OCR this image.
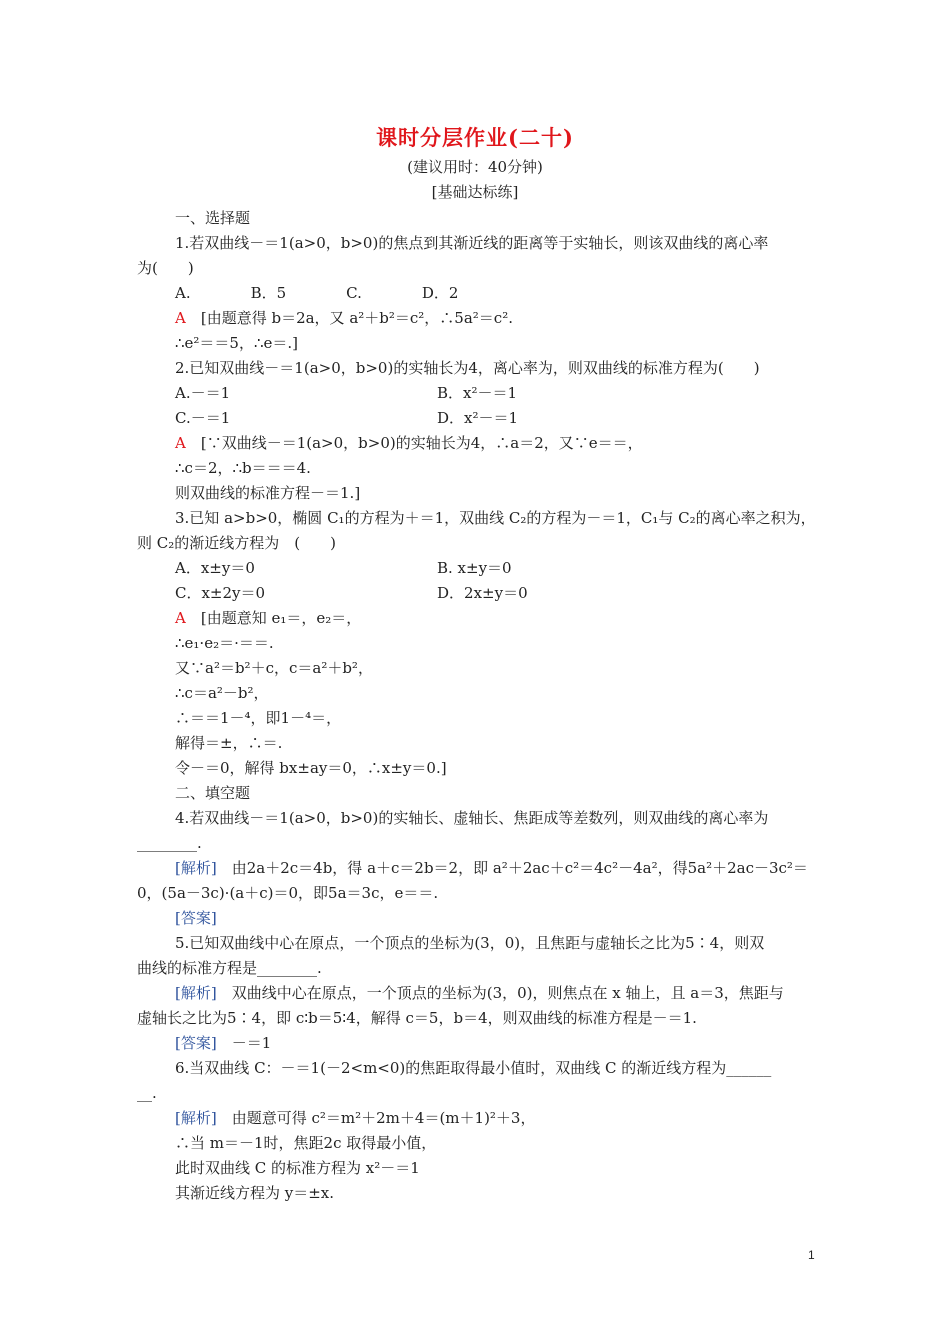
课时分层作业(二十)
(建议用时：40分钟)
[基础达标练]
一、选择题
1.若双曲线－＝1(a>0，b>0)的焦点到其渐近线的距离等于实轴长，则该双曲线的离心率
为(　　)
A.　　　　B．5　　　　C.　　　　D．2
A　[由题意得 b＝2a，又 a²＋b²＝c²，∴5a²＝c².
∴e²＝＝5，∴e＝.]
2.已知双曲线－＝1(a>0，b>0)的实轴长为4，离心率为，则双曲线的标准方程为(　　)
A.－＝1	B．x²－＝1
C.－＝1	D．x²－＝1
A　[∵双曲线－＝1(a>0，b>0)的实轴长为4，∴a＝2，又∵e＝＝，
∴c＝2，∴b＝＝＝4.
则双曲线的标准方程－＝1.]
3.已知 a>b>0，椭圆 C₁的方程为＋＝1，双曲线 C₂的方程为－＝1，C₁与 C₂的离心率之积为，
则 C₂的渐近线方程为　(　　)
A．x±y＝0	B. x±y＝0
C．x±2y＝0	D．2x±y＝0
A　[由题意知 e₁＝，e₂＝，
∴e₁·e₂＝·＝＝.
又∵a²＝b²＋c，c＝a²＋b²，
∴c＝a²－b²，
∴＝＝1－⁴，即1－⁴＝，
解得＝±，∴＝.
令－＝0，解得 bx±ay＝0，∴x±y＝0.]
二、填空题
4.若双曲线－＝1(a>0，b>0)的实轴长、虚轴长、焦距成等差数列，则双曲线的离心率为
________.
[解析]　由2a＋2c＝4b，得 a＋c＝2b＝2，即 a²＋2ac＋c²＝4c²－4a²，得5a²＋2ac－3c²＝
0，(5a－3c)·(a＋c)＝0，即5a＝3c，e＝＝.
[答案]
5.已知双曲线中心在原点，一个顶点的坐标为(3，0)，且焦距与虚轴长之比为5∶4，则双
曲线的标准方程是________.
[解析]　双曲线中心在原点，一个顶点的坐标为(3，0)，则焦点在 x 轴上，且 a＝3，焦距与
虚轴长之比为5∶4，即 c∶b＝5∶4，解得 c＝5，b＝4，则双曲线的标准方程是－＝1.
[答案]　－＝1
6.当双曲线 C：－＝1(－2<m<0)的焦距取得最小值时，双曲线 C 的渐近线方程为______
__.
[解析]　由题意可得 c²＝m²＋2m＋4＝(m＋1)²＋3，
∴当 m＝－1时，焦距2c 取得最小值，
此时双曲线 C 的标准方程为 x²－＝1
其渐近线方程为 y＝±x.
1
